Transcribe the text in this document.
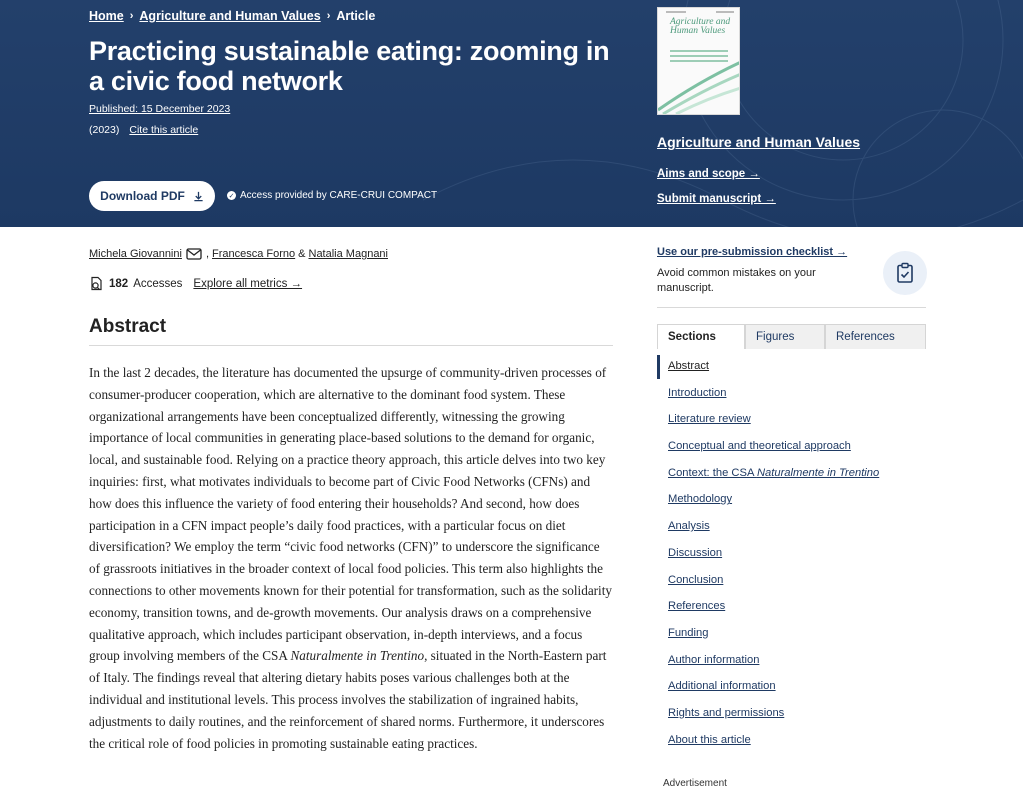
Home › Agriculture and Human Values › Article
Practicing sustainable eating: zooming in a civic food network
Published: 15 December 2023
(2023) Cite this article
Download PDF	✓ Access provided by CARE-CRUI COMPACT
Agriculture and Human Values
Agriculture and Human Values
Aims and scope →
Submit manuscript →
Michela Giovannini , Francesca Forno & Natalia Magnani
182 Accesses Explore all metrics →
Abstract

In the last 2 decades, the literature has documented the upsurge of community-driven processes of consumer-producer cooperation, which are alternative to the dominant food system. These organizational arrangements have been conceptualized differently, witnessing the growing importance of local communities in generating place-based solutions to the demand for organic, local, and sustainable food. Relying on a practice theory approach, this article delves into two key inquiries: first, what motivates individuals to become part of Civic Food Networks (CFNs) and how does this influence the variety of food entering their households? And second, how does participation in a CFN impact people’s daily food practices, with a particular focus on diet diversification? We employ the term “civic food networks (CFN)” to underscore the significance of grassroots initiatives in the broader context of local food policies. This term also highlights the connections to other movements known for their potential for transformation, such as the solidarity economy, transition towns, and de-growth movements. Our analysis draws on a comprehensive qualitative approach, which includes participant observation, in-depth interviews, and a focus group involving members of the CSA Naturalmente in Trentino, situated in the North-Eastern part of Italy. The findings reveal that altering dietary habits poses various challenges both at the individual and institutional levels. This process involves the stabilization of ingrained habits, adjustments to daily routines, and the reinforcement of shared norms. Furthermore, it underscores the critical role of food policies in promoting sustainable eating practices.

Use our pre-submission checklist →
Avoid common mistakes on your manuscript.
Sections	Figures	References
Abstract
Introduction
Literature review
Conceptual and theoretical approach
Context: the CSA Naturalmente in Trentino
Methodology
Analysis
Discussion
Conclusion
References
Funding
Author information
Additional information
Rights and permissions
About this article
Advertisement
